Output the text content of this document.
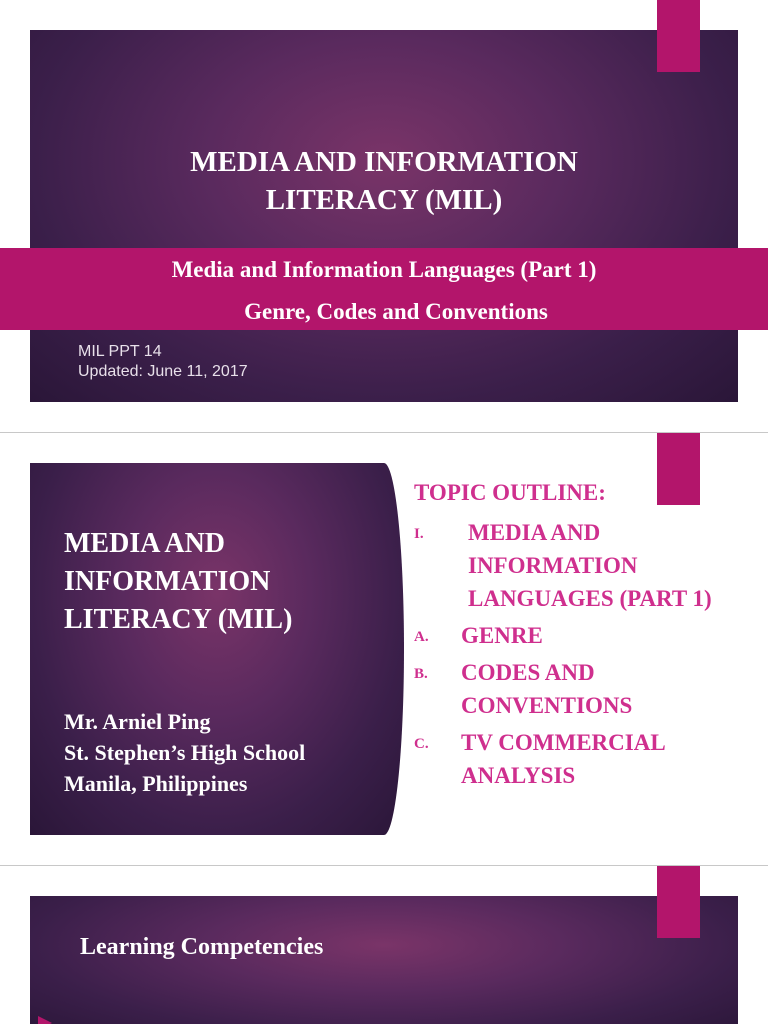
MEDIA AND INFORMATION
LITERACY (MIL)
Media and Information Languages (Part 1)
Genre, Codes and Conventions
MIL PPT 14
Updated: June 11, 2017
MEDIA AND
INFORMATION
LITERACY (MIL)
Mr. Arniel Ping
St. Stephen’s High School
Manila, Philippines
TOPIC OUTLINE:
I.	MEDIA AND INFORMATION LANGUAGES (PART 1)
A.	GENRE
B.	CODES AND CONVENTIONS
C.	TV COMMERCIAL ANALYSIS
Learning Competencies
